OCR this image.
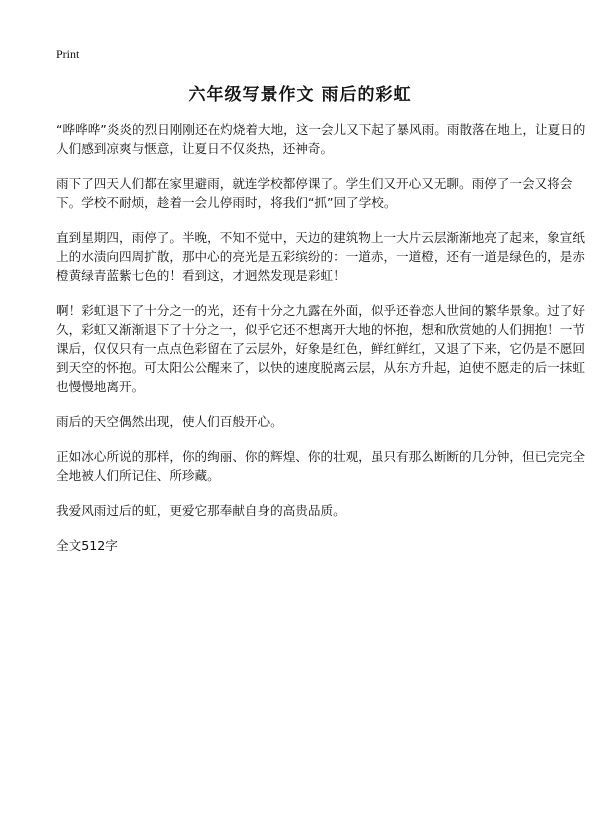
Print
六年级写景作文 雨后的彩虹

“哗哗哗”炎炎的烈日刚刚还在灼烧着大地，这一会儿又下起了暴风雨。雨散落在地上，让夏日的人们感到凉爽与惬意，让夏日不仅炎热，还神奇。

雨下了四天人们都在家里避雨，就连学校都停课了。学生们又开心又无聊。雨停了一会又将会下。学校不耐烦，趁着一会儿停雨时，将我们“抓”回了学校。

直到星期四，雨停了。半晚，不知不觉中，天边的建筑物上一大片云层渐渐地亮了起来，象宣纸上的水渍向四周扩散，那中心的亮光是五彩缤纷的：一道赤，一道橙，还有一道是绿色的，是赤橙黄绿青蓝紫七色的！看到这，才迥然发现是彩虹！

啊！彩虹退下了十分之一的光，还有十分之九露在外面，似乎还眷恋人世间的繁华景象。过了好久，彩虹又渐渐退下了十分之一，似乎它还不想离开大地的怀抱，想和欣赏她的人们拥抱！一节课后，仅仅只有一点点色彩留在了云层外，好象是红色，鲜红鲜红，又退了下来，它仍是不愿回到天空的怀抱。可太阳公公醒来了，以快的速度脱离云层，从东方升起，迫使不愿走的后一抹虹也慢慢地离开。

雨后的天空偶然出现，使人们百般开心。

正如冰心所说的那样，你的绚丽、你的辉煌、你的壮观，虽只有那么断断的几分钟，但已完完全全地被人们所记住、所珍藏。

我爱风雨过后的虹，更爱它那奉献自身的高贵品质。

全文512字
